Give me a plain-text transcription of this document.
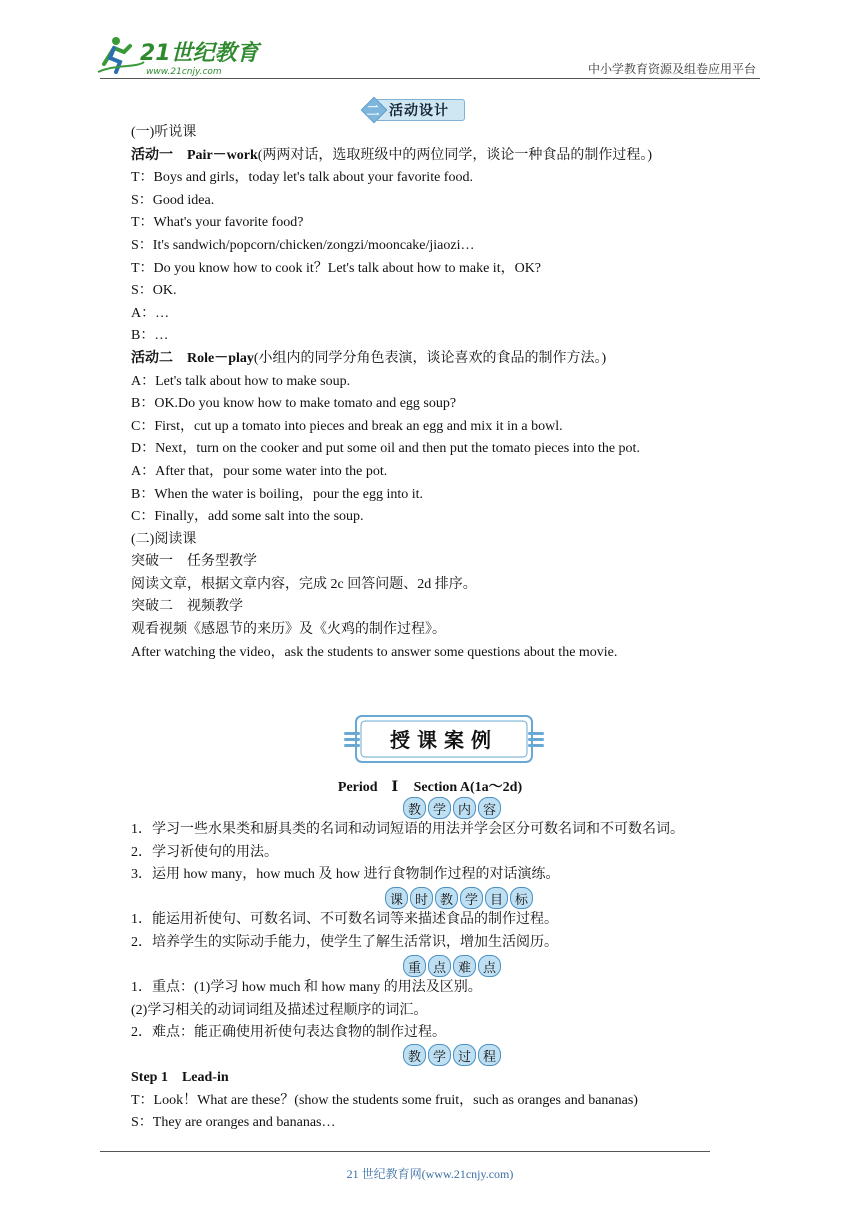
21世纪教育
www.21cnjy.com	中小学教育资源及组卷应用平台
二 活动设计
(一)听说课
活动一　Pair－work(两两对话，选取班级中的两位同学，谈论一种食品的制作过程。)
T：Boys and girls，today let's talk about your favorite food.
S：Good idea.
T：What's your favorite food?
S：It's sandwich/popcorn/chicken/zongzi/mooncake/jiaozi…
T：Do you know how to cook it？Let's talk about how to make it，OK?
S：OK.
A：…
B：…
活动二　Role－play(小组内的同学分角色表演，谈论喜欢的食品的制作方法。)
A：Let's talk about how to make soup.
B：OK.Do you know how to make tomato and egg soup?
C：First，cut up a tomato into pieces and break an egg and mix it in a bowl.
D：Next，turn on the cooker and put some oil and then put the tomato pieces into the pot.
A：After that，pour some water into the pot.
B：When the water is boiling，pour the egg into it.
C：Finally，add some salt into the soup.
(二)阅读课
突破一　任务型教学
阅读文章，根据文章内容，完成 2c 回答问题、2d 排序。
突破二　视频教学
观看视频《感恩节的来历》及《火鸡的制作过程》。
After watching the video，ask the students to answer some questions about the movie.
授课案例
Period　Ⅰ Section A(1a～2d)
教 学 内 容
1．学习一些水果类和厨具类的名词和动词短语的用法并学会区分可数名词和不可数名词。
2．学习祈使句的用法。
3．运用 how many，how much 及 how 进行食物制作过程的对话演练。
课 时 教 学 目 标
1．能运用祈使句、可数名词、不可数名词等来描述食品的制作过程。
2．培养学生的实际动手能力，使学生了解生活常识，增加生活阅历。
重 点 难 点
1．重点：(1)学习 how much 和 how many 的用法及区别。
(2)学习相关的动词词组及描述过程顺序的词汇。
2．难点：能正确使用祈使句表达食物的制作过程。
教 学 过 程
Step 1　Lead-in
T：Look！What are these？(show the students some fruit，such as oranges and bananas)
S：They are oranges and bananas…
21 世纪教育网(www.21cnjy.com)
